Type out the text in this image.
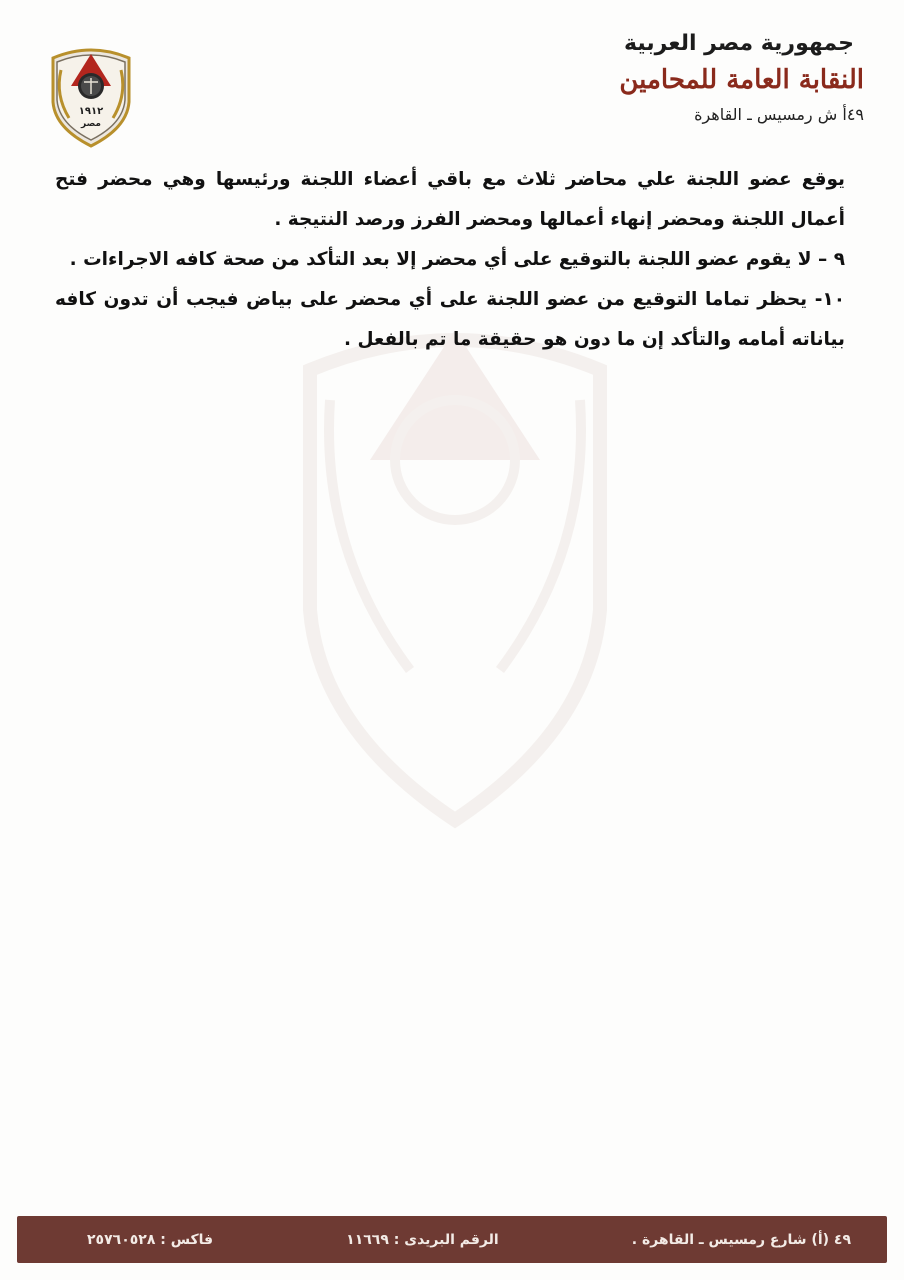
جمهورية مصر العربية
النقابة العامة للمحامين
٤٩أ ش رمسيس ـ القاهرة
١٩١٢
مصر

يوقع عضو اللجنة علي محاضر ثلاث مع باقي أعضاء اللجنة ورئيسها وهي محضر فتح أعمال اللجنة ومحضر إنهاء أعمالها ومحضر الفرز ورصد النتيجة .

٩ – لا يقوم عضو اللجنة بالتوقيع على أي محضر إلا بعد التأكد من صحة كافه الاجراءات .

١٠- يحظر تماما التوقيع من عضو اللجنة على أي محضر على بياض فيجب أن تدون كافه بياناته أمامه والتأكد إن ما دون هو حقيقة ما تم بالفعل .

٤٩ (أ) شارع رمسيس ـ القاهرة .
الرقم البريدى : ١١٦٦٩
فاكس : ٢٥٧٦٠٥٢٨
